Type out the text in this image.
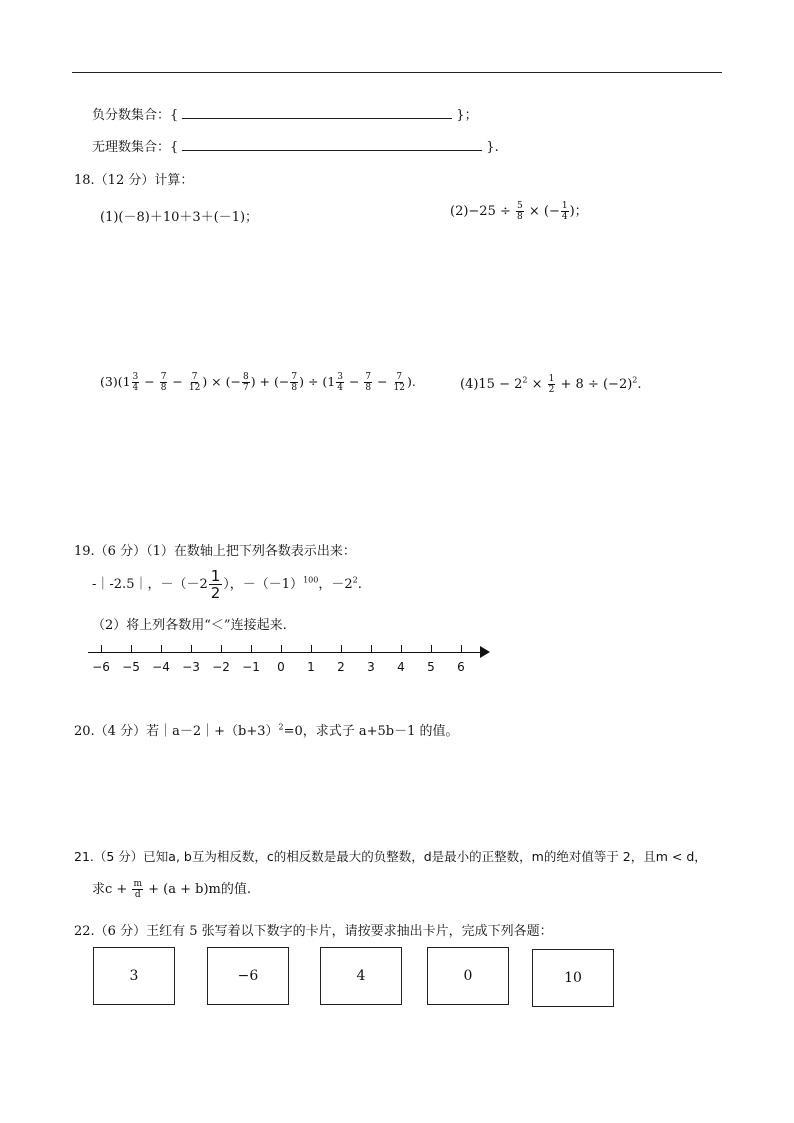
负分数集合：{	}；
无理数集合：{	}.
18.（12 分）计算：
(1)(－8)＋10＋3＋(－1)；	$(2)-25 \div \frac{5}{8}$ × (− $\frac{1}{4}$ )；
$(3)(1 \frac{3}{4} - \frac{7}{8} - \frac{7}{12}$ ) × (− $\frac{8}{7}$ ) + (− $\frac{7}{8}$ ) ÷ ($1 \frac{3}{4} - \frac{7}{8} - \frac{7}{12}$ ).	$(4)15 - 2^2 \times \frac{1}{2} + 8 \div (-2)^2$.
19.（6 分）（1）在数轴上把下列各数表示出来：
-｜-2.5｜，$-(-2 \frac{1}{2}$ ），$-(-1)^{100}$，$-2^2$.
（2）将上列各数用“＜”连接起来.
−6	−5	−4	−3	−2	−1	0	1	2	3	4	5	6
20.（4 分）若$|a-2|+(b+3)^2=0$，求式子 a+5b－1 的值。
21.（5 分）已知a, b互为相反数，c的相反数是最大的负整数，d是最小的正整数，m的绝对值等于 2，且m < d，
求$c + \frac{m}{d} + (a + b)m$的值.
22.（6 分）王红有 5 张写着以下数字的卡片，请按要求抽出卡片，完成下列各题：
3	−6	4	0	10
